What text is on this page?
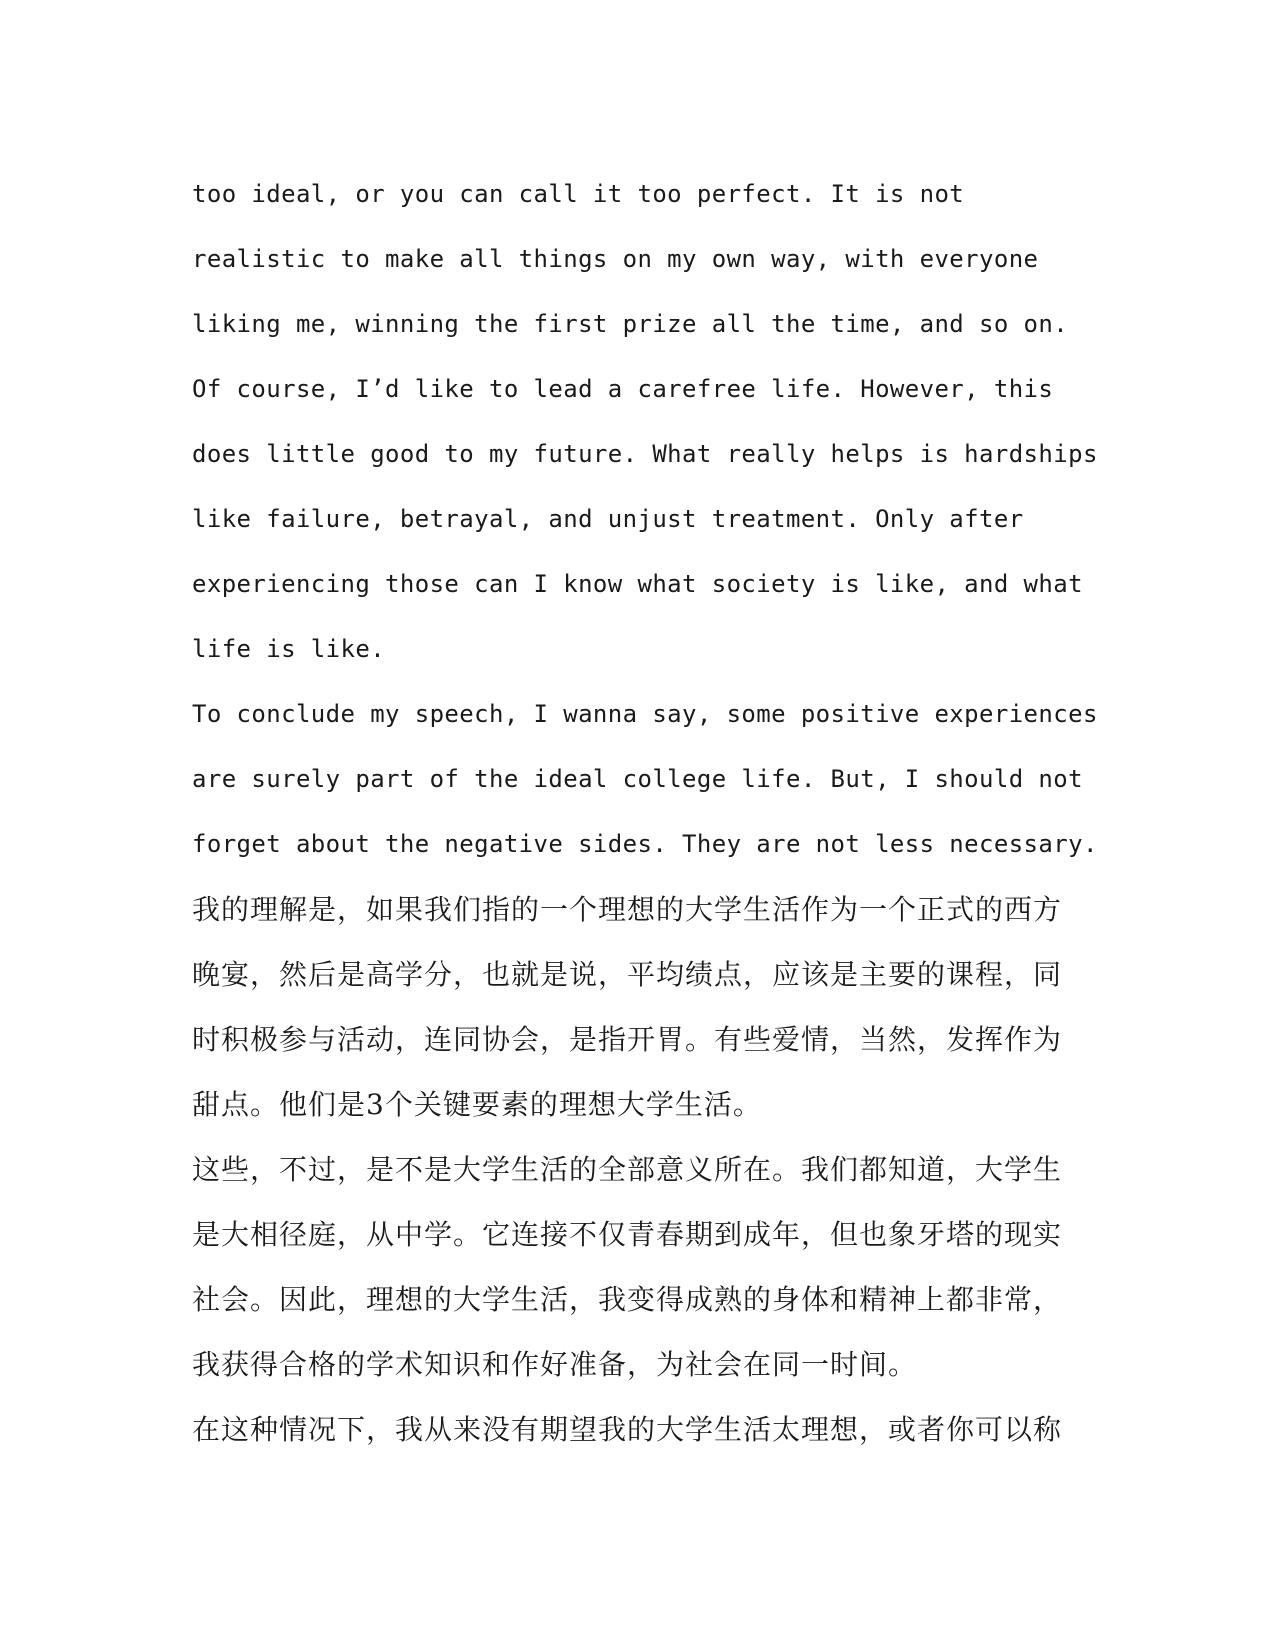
too ideal, or you can call it too perfect. It is not
realistic to make all things on my own way, with everyone
liking me, winning the first prize all the time, and so on.
Of course, I’d like to lead a carefree life. However, this
does little good to my future. What really helps is hardships
like failure, betrayal, and unjust treatment. Only after
experiencing those can I know what society is like, and what
life is like.
To conclude my speech, I wanna say, some positive experiences
are surely part of the ideal college life. But, I should not
forget about the negative sides. They are not less necessary.
我的理解是，如果我们指的一个理想的大学生活作为一个正式的西方
晚宴，然后是高学分，也就是说，平均绩点，应该是主要的课程，同
时积极参与活动，连同协会，是指开胃。有些爱情，当然，发挥作为
甜点。他们是3个关键要素的理想大学生活。
这些，不过，是不是大学生活的全部意义所在。我们都知道，大学生
是大相径庭，从中学。它连接不仅青春期到成年，但也象牙塔的现实
社会。因此，理想的大学生活，我变得成熟的身体和精神上都非常，
我获得合格的学术知识和作好准备，为社会在同一时间。
在这种情况下，我从来没有期望我的大学生活太理想，或者你可以称
